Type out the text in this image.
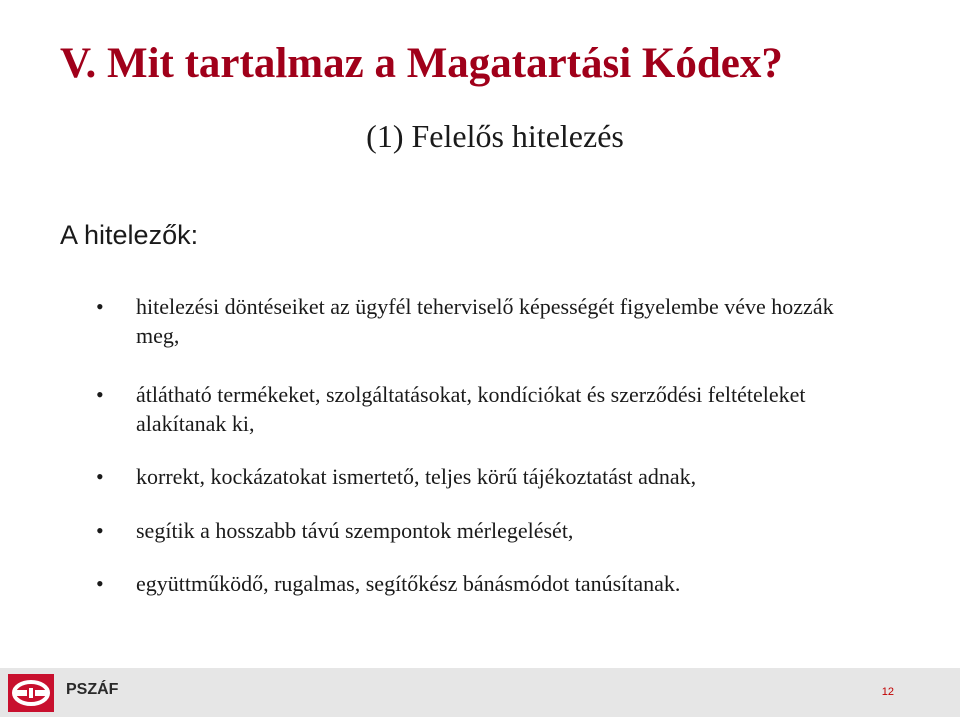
V. Mit tartalmaz a Magatartási Kódex?
(1) Felelős hitelezés
A hitelezők:
• hitelezési döntéseiket az ügyfél teherviselő képességét figyelembe véve hozzák meg,
• átlátható termékeket, szolgáltatásokat, kondíciókat és szerződési feltételeket alakítanak ki,
• korrekt, kockázatokat ismertető, teljes körű tájékoztatást adnak,
• segítik a hosszabb távú szempontok mérlegelését,
• együttműködő, rugalmas, segítőkész bánásmódot tanúsítanak.
PSZÁF	12
